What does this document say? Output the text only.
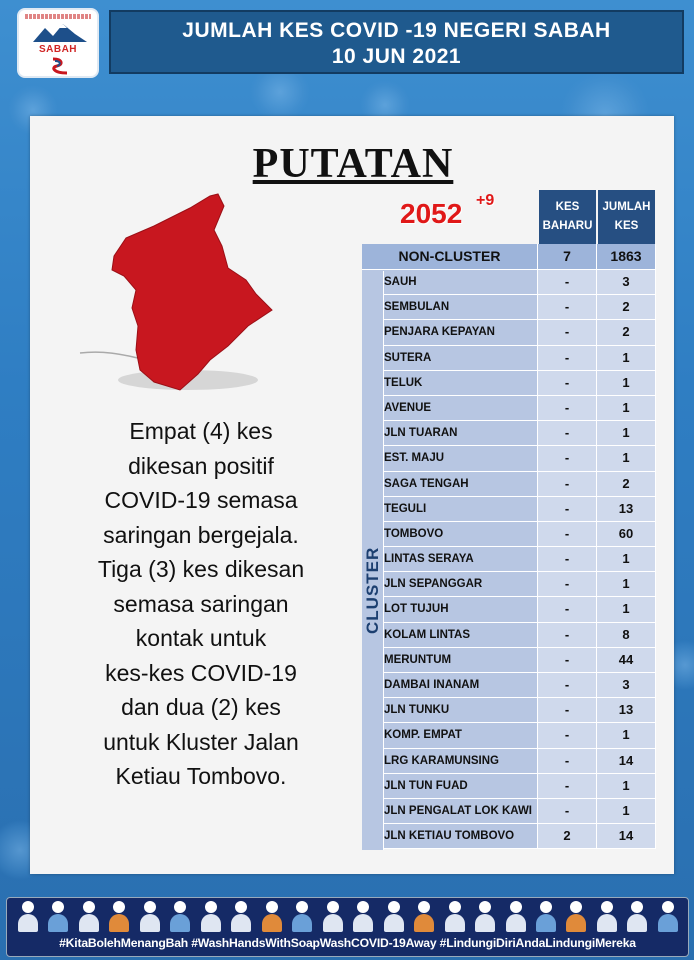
SABAH
JUMLAH KES COVID -19 NEGERI SABAH
10 JUN 2021
PUTATAN
2052 +9	KES
BAHARU
JUMLAH
KES
NON-CLUSTER	7	1863
SAUH	-	3
SEMBULAN	-	2
PENJARA KEPAYAN	-	2
SUTERA	-	1
TELUK	-	1
AVENUE	-	1
JLN TUARAN	-	1
EST. MAJU	-	1
SAGA TENGAH	-	2
TEGULI	-	13
TOMBOVO	-	60
LINTAS SERAYA	-	1
JLN SEPANGGAR	-	1
LOT TUJUH	-	1
KOLAM LINTAS	-	8
MERUNTUM	-	44
DAMBAI INANAM	-	3
JLN TUNKU	-	13
KOMP. EMPAT	-	1
LRG KARAMUNSING	-	14
JLN TUN FUAD	-	1
JLN PENGALAT LOK KAWI	-	1
JLN KETIAU TOMBOVO	2	14
CLUSTER
Empat (4) kes
dikesan positif
COVID-19 semasa
saringan bergejala.
Tiga (3) kes dikesan
semasa saringan
kontak untuk
kes-kes COVID-19
dan dua (2) kes
untuk Kluster Jalan
Ketiau Tombovo.
#KitaBolehMenangBah #WashHandsWithSoapWashCOVID-19Away #LindungiDiriAndaLindungiMereka
